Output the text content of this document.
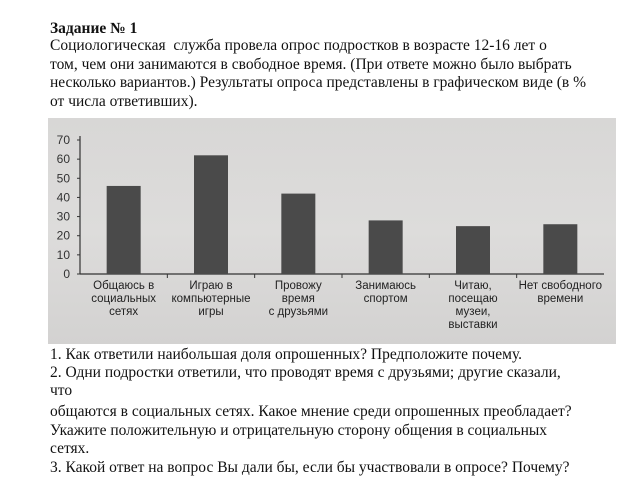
Задание № 1
Социологическая  служба провела опрос подростков в возрасте 12-16 лет о
том, чем они занимаются в свободное время. (При ответе можно было выбрать
несколько вариантов.) Результаты опроса представлены в графическом виде (в %
от числа ответивших).
0
10
20
30
40
50
60
70
Общаюсь в
социальных
сетях
Играю в
компьютерные
игры
Провожу
время
с друзьями
Занимаюсь
спортом
Читаю,
посещаю
музеи,
выставки
Нет свободного
времени
1. Как ответили наибольшая доля опрошенных? Предположите почему.
2. Одни подростки ответили, что проводят время с друзьями; другие сказали,
что
общаются в социальных сетях. Какое мнение среди опрошенных преобладает?
Укажите положительную и отрицательную сторону общения в социальных
сетях.
3. Какой ответ на вопрос Вы дали бы, если бы участвовали в опросе? Почему?
